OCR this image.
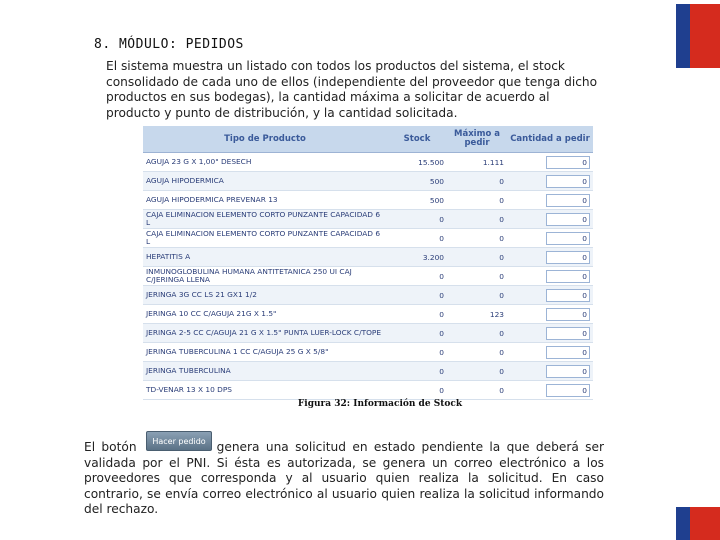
8. MÓDULO: PEDIDOS
El sistema muestra un listado con todos los productos del sistema, el stock consolidado de cada uno de ellos (independiente del proveedor que tenga dicho productos en sus bodegas), la cantidad máxima a solicitar de acuerdo al producto y punto de distribución, y la cantidad solicitada.
Tipo de Producto	Stock	Máximo a pedir	Cantidad a pedir
AGUJA 23 G X 1,00" DESECH	15.500	1.111	0
AGUJA HIPODERMICA	500	0	0
AGUJA HIPODERMICA PREVENAR 13	500	0	0
CAJA ELIMINACION ELEMENTO CORTO PUNZANTE CAPACIDAD 6 L	0	0	0
CAJA ELIMINACION ELEMENTO CORTO PUNZANTE CAPACIDAD 6 L	0	0	0
HEPATITIS A	3.200	0	0
INMUNOGLOBULINA HUMANA ANTITETANICA 250 UI CAJ C/JERINGA LLENA	0	0	0
JERINGA 3G CC LS 21 GX1 1/2	0	0	0
JERINGA 10 CC C/AGUJA 21G X 1.5"	0	123	0
JERINGA 2-5 CC C/AGUJA 21 G X 1.5" PUNTA LUER-LOCK C/TOPE	0	0	0
JERINGA TUBERCULINA 1 CC C/AGUJA 25 G X 5/8"	0	0	0
JERINGA TUBERCULINA	0	0	0
TD-VENAR 13 X 10 DPS	0	0	0
Figura 32: Información de Stock
Hacer pedido
El botón	genera una solicitud en estado pendiente la que deberá ser validada por el PNI. Si ésta es autorizada, se genera un correo electrónico a los proveedores que corresponda y al usuario quien realiza la solicitud. En caso contrario, se envía correo electrónico al usuario quien realiza la solicitud informando del rechazo.
